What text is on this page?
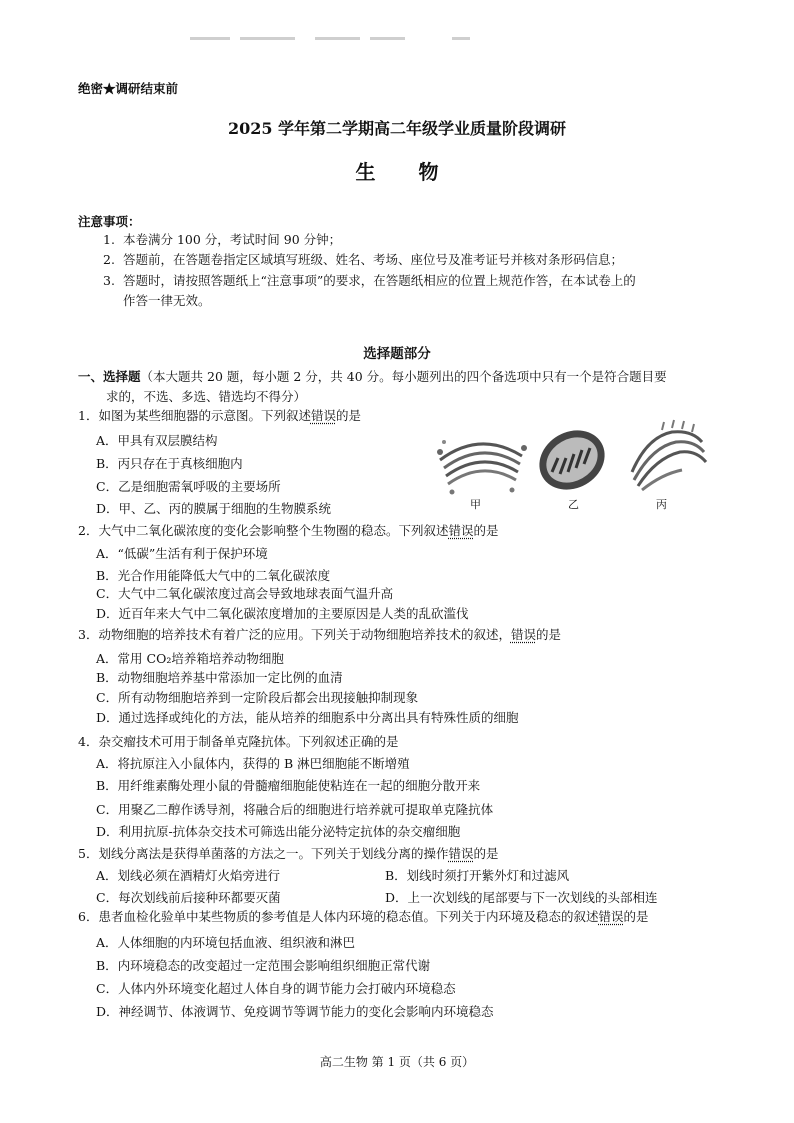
绝密★调研结束前
2025 学年第二学期高二年级学业质量阶段调研
生 物
注意事项：
1. 本卷满分 100 分，考试时间 90 分钟；
2. 答题前，在答题卷指定区域填写班级、姓名、考场、座位号及准考证号并核对条形码信息；
3. 答题时，请按照答题纸上“注意事项”的要求，在答题纸相应的位置上规范作答，在本试卷上的
作答一律无效。
选择题部分
一、选择题（本大题共 20 题，每小题 2 分，共 40 分。每小题列出的四个备选项中只有一个是符合题目要
求的，不选、多选、错选均不得分）
1．如图为某些细胞器的示意图。下列叙述错误的是
A．甲具有双层膜结构
B．丙只存在于真核细胞内
C．乙是细胞需氧呼吸的主要场所
D．甲、乙、丙的膜属于细胞的生物膜系统	甲	乙	丙
2．大气中二氧化碳浓度的变化会影响整个生物圈的稳态。下列叙述错误的是
A．“低碳”生活有利于保护环境
B．光合作用能降低大气中的二氧化碳浓度
C．大气中二氧化碳浓度过高会导致地球表面气温升高
D．近百年来大气中二氧化碳浓度增加的主要原因是人类的乱砍滥伐
3．动物细胞的培养技术有着广泛的应用。下列关于动物细胞培养技术的叙述，错误的是
A．常用 CO₂培养箱培养动物细胞
B．动物细胞培养基中常添加一定比例的血清
C．所有动物细胞培养到一定阶段后都会出现接触抑制现象
D．通过选择或纯化的方法，能从培养的细胞系中分离出具有特殊性质的细胞
4．杂交瘤技术可用于制备单克隆抗体。下列叙述正确的是
A．将抗原注入小鼠体内，获得的 B 淋巴细胞能不断增殖
B．用纤维素酶处理小鼠的骨髓瘤细胞能使粘连在一起的细胞分散开来
C．用聚乙二醇作诱导剂，将融合后的细胞进行培养就可提取单克隆抗体
D．利用抗原-抗体杂交技术可筛选出能分泌特定抗体的杂交瘤细胞
5．划线分离法是获得单菌落的方法之一。下列关于划线分离的操作错误的是
A．划线必须在酒精灯火焰旁进行	B．划线时须打开紫外灯和过滤风
C．每次划线前后接种环都要灭菌	D．上一次划线的尾部要与下一次划线的头部相连
6．患者血检化验单中某些物质的参考值是人体内环境的稳态值。下列关于内环境及稳态的叙述错误的是
A．人体细胞的内环境包括血液、组织液和淋巴
B．内环境稳态的改变超过一定范围会影响组织细胞正常代谢
C．人体内外环境变化超过人体自身的调节能力会打破内环境稳态
D．神经调节、体液调节、免疫调节等调节能力的变化会影响内环境稳态
高二生物 第 1 页（共 6 页）
